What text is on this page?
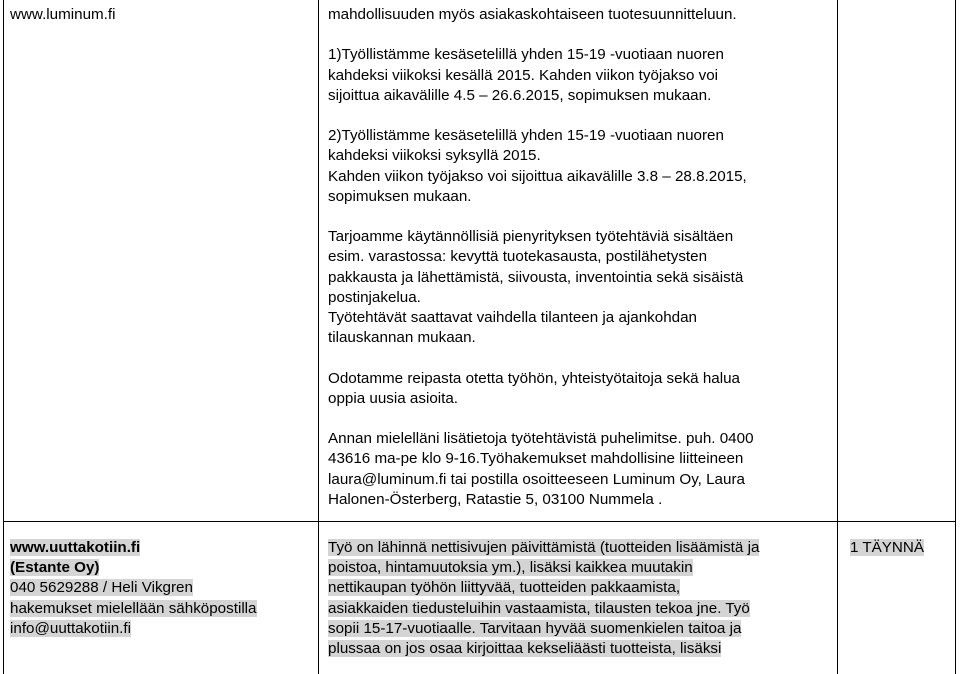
www.luminum.fi	mahdollisuuden myös asiakaskohtaiseen tuotesuunnitteluun.
1)Työllistämme kesäsetelillä yhden 15-19 -vuotiaan nuoren
kahdeksi viikoksi kesällä 2015. Kahden viikon työjakso voi
sijoittua aikavälille 4.5 – 26.6.2015, sopimuksen mukaan.
2)Työllistämme kesäsetelillä yhden 15-19 -vuotiaan nuoren
kahdeksi viikoksi syksyllä 2015.
Kahden viikon työjakso voi sijoittua aikavälille 3.8 – 28.8.2015,
sopimuksen mukaan.
Tarjoamme käytännöllisiä pienyrityksen työtehtäviä sisältäen
esim. varastossa: kevyttä tuotekasausta, postilähetysten
pakkausta ja lähettämistä, siivousta, inventointia sekä sisäistä
postinjakelua.
Työtehtävät saattavat vaihdella tilanteen ja ajankohdan
tilauskannan mukaan.
Odotamme reipasta otetta työhön, yhteistyötaitoja sekä halua
oppia uusia asioita.
Annan mielelläni lisätietoja työtehtävistä puhelimitse. puh. 0400
43616 ma-pe klo 9-16.Työhakemukset mahdollisine liitteineen
laura@luminum.fi tai postilla osoitteeseen Luminum Oy, Laura
Halonen-Österberg, Ratastie 5, 03100 Nummela .
www.uuttakotiin.fi
(Estante Oy)
040 5629288 / Heli Vikgren
hakemukset mielellään sähköpostilla
info@uuttakotiin.fi
Työ on lähinnä nettisivujen päivittämistä (tuotteiden lisäämistä ja
poistoa, hintamuutoksia ym.), lisäksi kaikkea muutakin
nettikaupan työhön liittyvää, tuotteiden pakkaamista,
asiakkaiden tiedusteluihin vastaamista, tilausten tekoa jne. Työ
sopii 15-17-vuotiaalle. Tarvitaan hyvää suomenkielen taitoa ja
plussaa on jos osaa kirjoittaa kekseliäästi tuotteista, lisäksi
1 TÄYNNÄ
